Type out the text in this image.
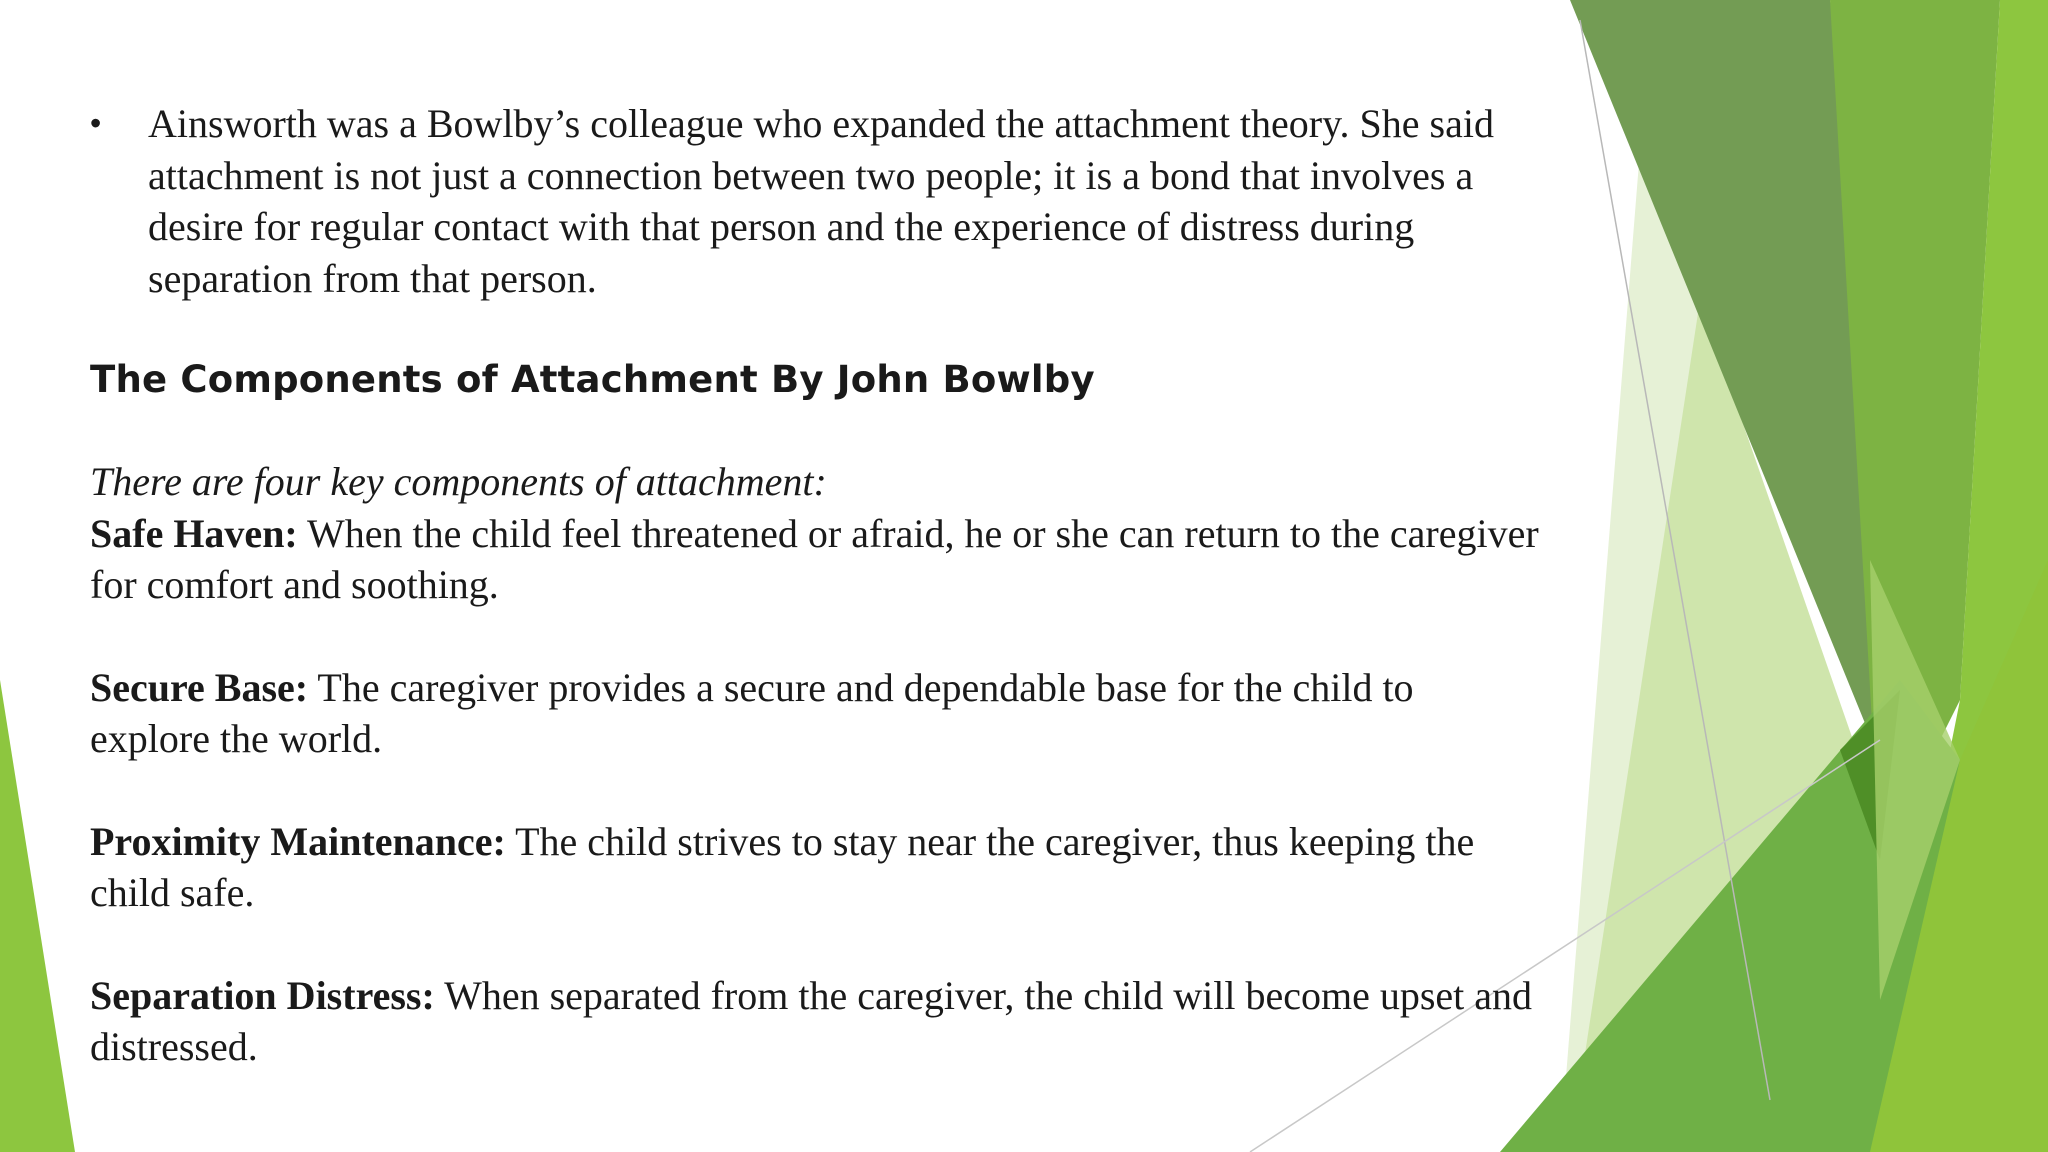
• Ainsworth was a Bowlby’s colleague who expanded the attachment theory. She said attachment is not just a connection between two people; it is a bond that involves a desire for regular contact with that person and the experience of distress during separation from that person.
The Components of Attachment By John Bowlby
There are four key components of attachment:
Safe Haven: When the child feel threatened or afraid, he or she can return to the caregiver for comfort and soothing.
Secure Base: The caregiver provides a secure and dependable base for the child to explore the world.
Proximity Maintenance: The child strives to stay near the caregiver, thus keeping the child safe.
Separation Distress: When separated from the caregiver, the child will become upset and distressed.
